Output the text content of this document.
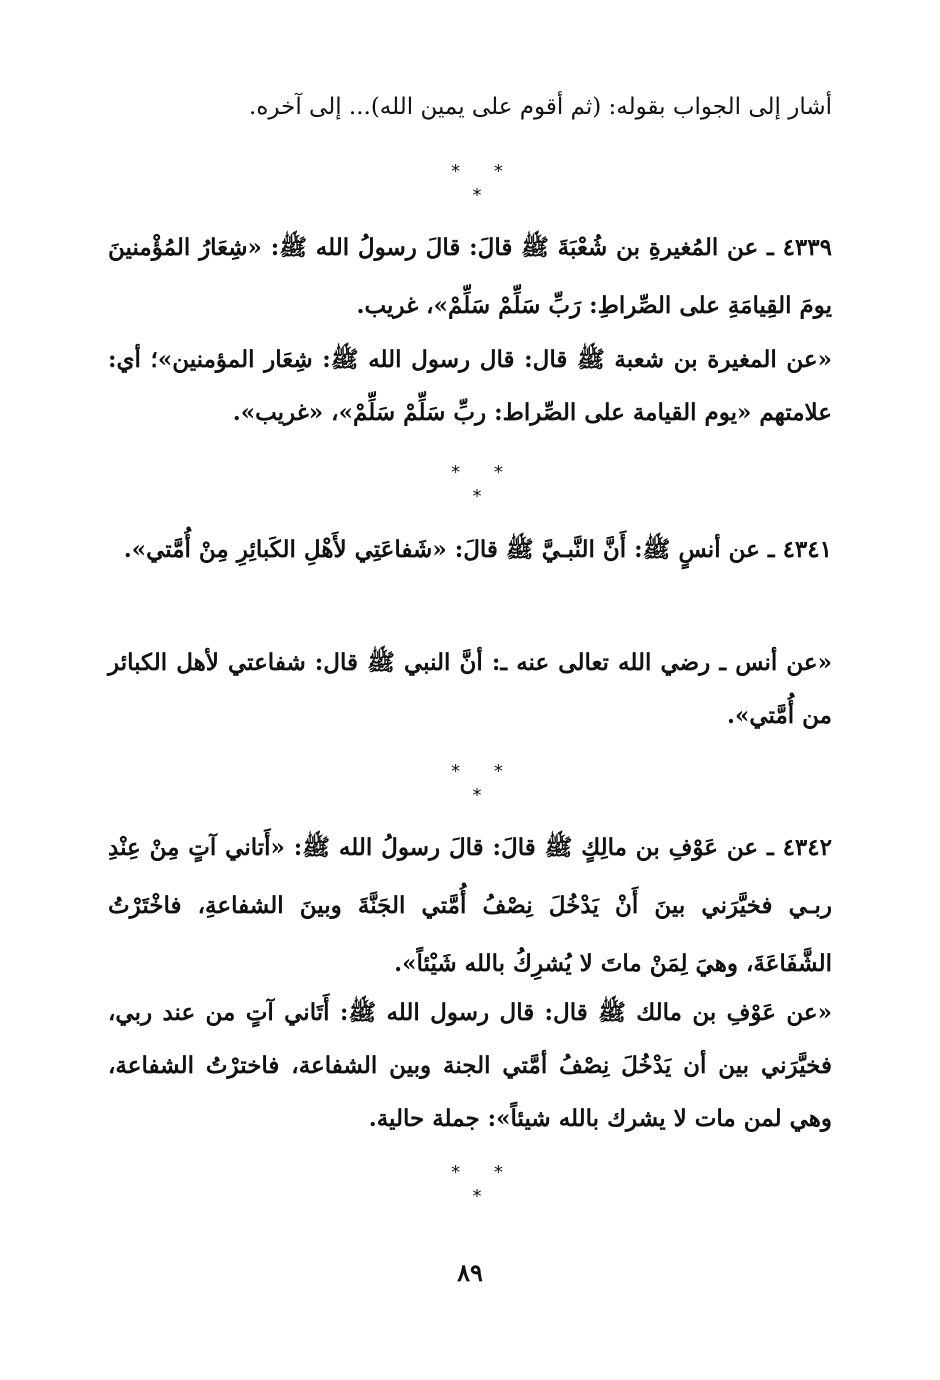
أشار إلى الجواب بقوله: (ثم أقوم على يمين الله)... إلى آخره.

* * *

٤٣٣٩ ـ عن المُغيرةِ بن شُعْبَةَ ﷺ قالَ: قالَ رسولُ الله ﷺ: «شِعَارُ المُؤْمنينَ يومَ القِيامَةِ على الصِّراطِ: رَبِّ سَلِّمْ سَلِّمْ»، غريب.

«عن المغيرة بن شعبة ﷺ قال: قال رسول الله ﷺ: شِعَار المؤمنين»؛ أي: علامتهم «يوم القيامة على الصِّراط: ربِّ سَلِّمْ سَلِّمْ»، «غريب».

* * *

٤٣٤١ ـ عن أنسٍ ﷺ: أَنَّ النَّبـيَّ ﷺ قالَ: «شَفاعَتِي لأَهْلِ الكَبائِرِ مِنْ أُمَّتي».

«عن أنس ـ رضي الله تعالى عنه ـ: أنَّ النبي ﷺ قال: شفاعتي لأهل الكبائر من أُمَّتي».

* * *

٤٣٤٢ ـ عن عَوْفِ بن مالِكٍ ﷺ قالَ: قالَ رسولُ الله ﷺ: «أَتاني آتٍ مِنْ عِنْدِ ربـي فخيَّرَني بينَ أَنْ يَدْخُلَ نِصْفُ أُمَّتي الجَنَّةَ وبينَ الشفاعةِ، فاخْتَرْتُ الشَّفَاعَةَ، وهيَ لِمَنْ ماتَ لا يُشرِكُ بالله شَيْئاً».

«عن عَوْفِ بن مالك ﷺ قال: قال رسول الله ﷺ: أَتَاني آتٍ من عند ربي، فخيَّرَني بين أن يَدْخُلَ نِصْفُ أمَّتي الجنة وبين الشفاعة، فاخترْتُ الشفاعة، وهي لمن مات لا يشرك بالله شيئاً»: جملة حالية.

* * *
٨٩
